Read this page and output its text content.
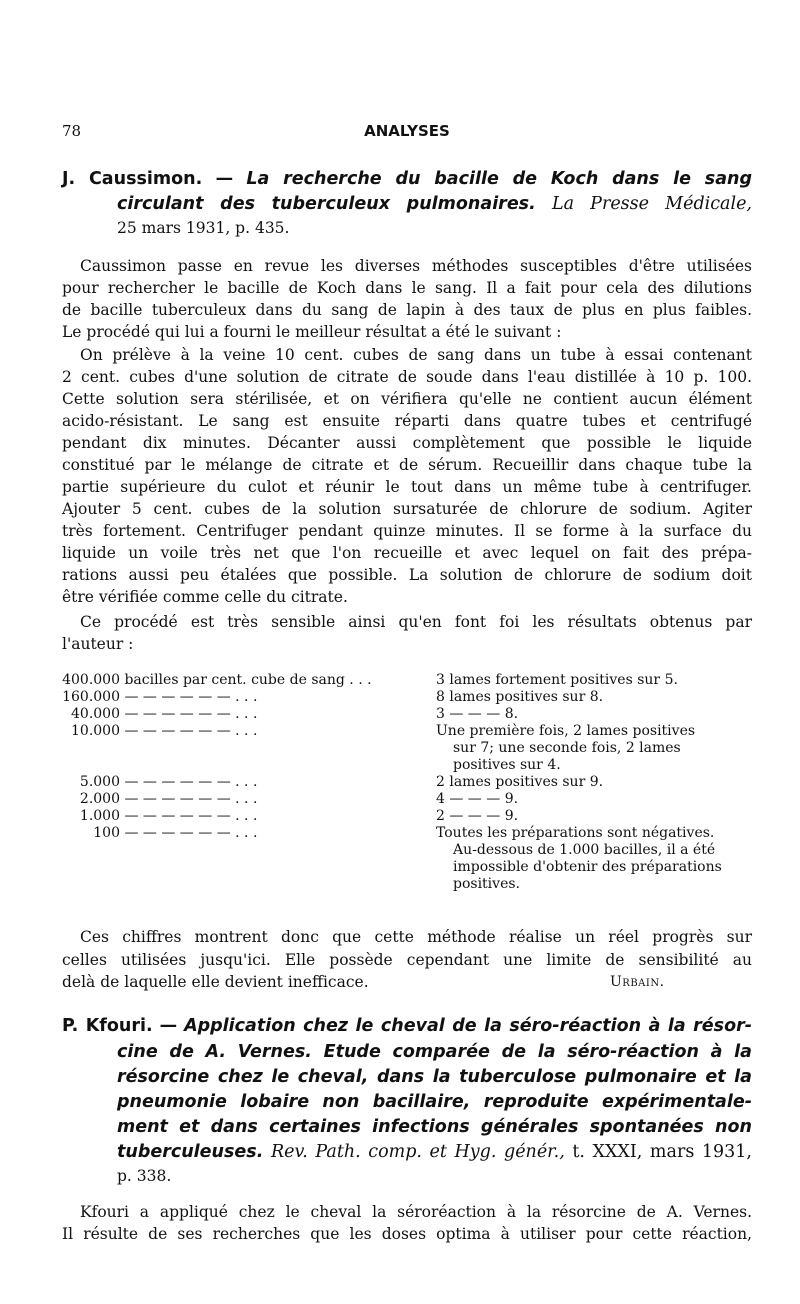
78	ANALYSES
J. Caussimon. — La recherche du bacille de Koch dans le sang
circulant des tuberculeux pulmonaires. La Presse Médicale,
25 mars 1931, p. 435.
Caussimon passe en revue les diverses méthodes susceptibles d'être utilisées
pour rechercher le bacille de Koch dans le sang. Il a fait pour cela des dilutions
de bacille tuberculeux dans du sang de lapin à des taux de plus en plus faibles.
Le procédé qui lui a fourni le meilleur résultat a été le suivant :
On prélève à la veine 10 cent. cubes de sang dans un tube à essai contenant
2 cent. cubes d'une solution de citrate de soude dans l'eau distillée à 10 p. 100.
Cette solution sera stérilisée, et on vérifiera qu'elle ne contient aucun élément
acido-résistant. Le sang est ensuite réparti dans quatre tubes et centrifugé
pendant dix minutes. Décanter aussi complètement que possible le liquide
constitué par le mélange de citrate et de sérum. Recueillir dans chaque tube la
partie supérieure du culot et réunir le tout dans un même tube à centrifuger.
Ajouter 5 cent. cubes de la solution sursaturée de chlorure de sodium. Agiter
très fortement. Centrifuger pendant quinze minutes. Il se forme à la surface du
liquide un voile très net que l'on recueille et avec lequel on fait des prépa-
rations aussi peu étalées que possible. La solution de chlorure de sodium doit
être vérifiée comme celle du citrate.
Ce procédé est très sensible ainsi qu'en font foi les résultats obtenus par
l'auteur :
400.000 bacilles par cent. cube de sang . . .	3 lames fortement positives sur 5.
160.000 — — — — — — . . .	8 lames positives sur 8.
40.000 — — — — — — . . .	3 — — — 8.
10.000 — — — — — — . . .	Une première fois, 2 lames positives
sur 7; une seconde fois, 2 lames
positives sur 4.
5.000 — — — — — — . . .	2 lames positives sur 9.
2.000 — — — — — — . . .	4 — — — 9.
1.000 — — — — — — . . .	2 — — — 9.
100 — — — — — — . . .	Toutes les préparations sont négatives.
Au-dessous de 1.000 bacilles, il a été
impossible d'obtenir des préparations
positives.
Ces chiffres montrent donc que cette méthode réalise un réel progrès sur
celles utilisées jusqu'ici. Elle possède cependant une limite de sensibilité au
delà de laquelle elle devient inefficace.	Urbain.
P. Kfouri. — Application chez le cheval de la séro-réaction à la résor-
cine de A. Vernes. Etude comparée de la séro-réaction à la
résorcine chez le cheval, dans la tuberculose pulmonaire et la
pneumonie lobaire non bacillaire, reproduite expérimentale-
ment et dans certaines infections générales spontanées non
tuberculeuses. Rev. Path. comp. et Hyg. génér., t. XXXI, mars 1931,
p. 338.
Kfouri a appliqué chez le cheval la séroréaction à la résorcine de A. Vernes.
Il résulte de ses recherches que les doses optima à utiliser pour cette réaction,
